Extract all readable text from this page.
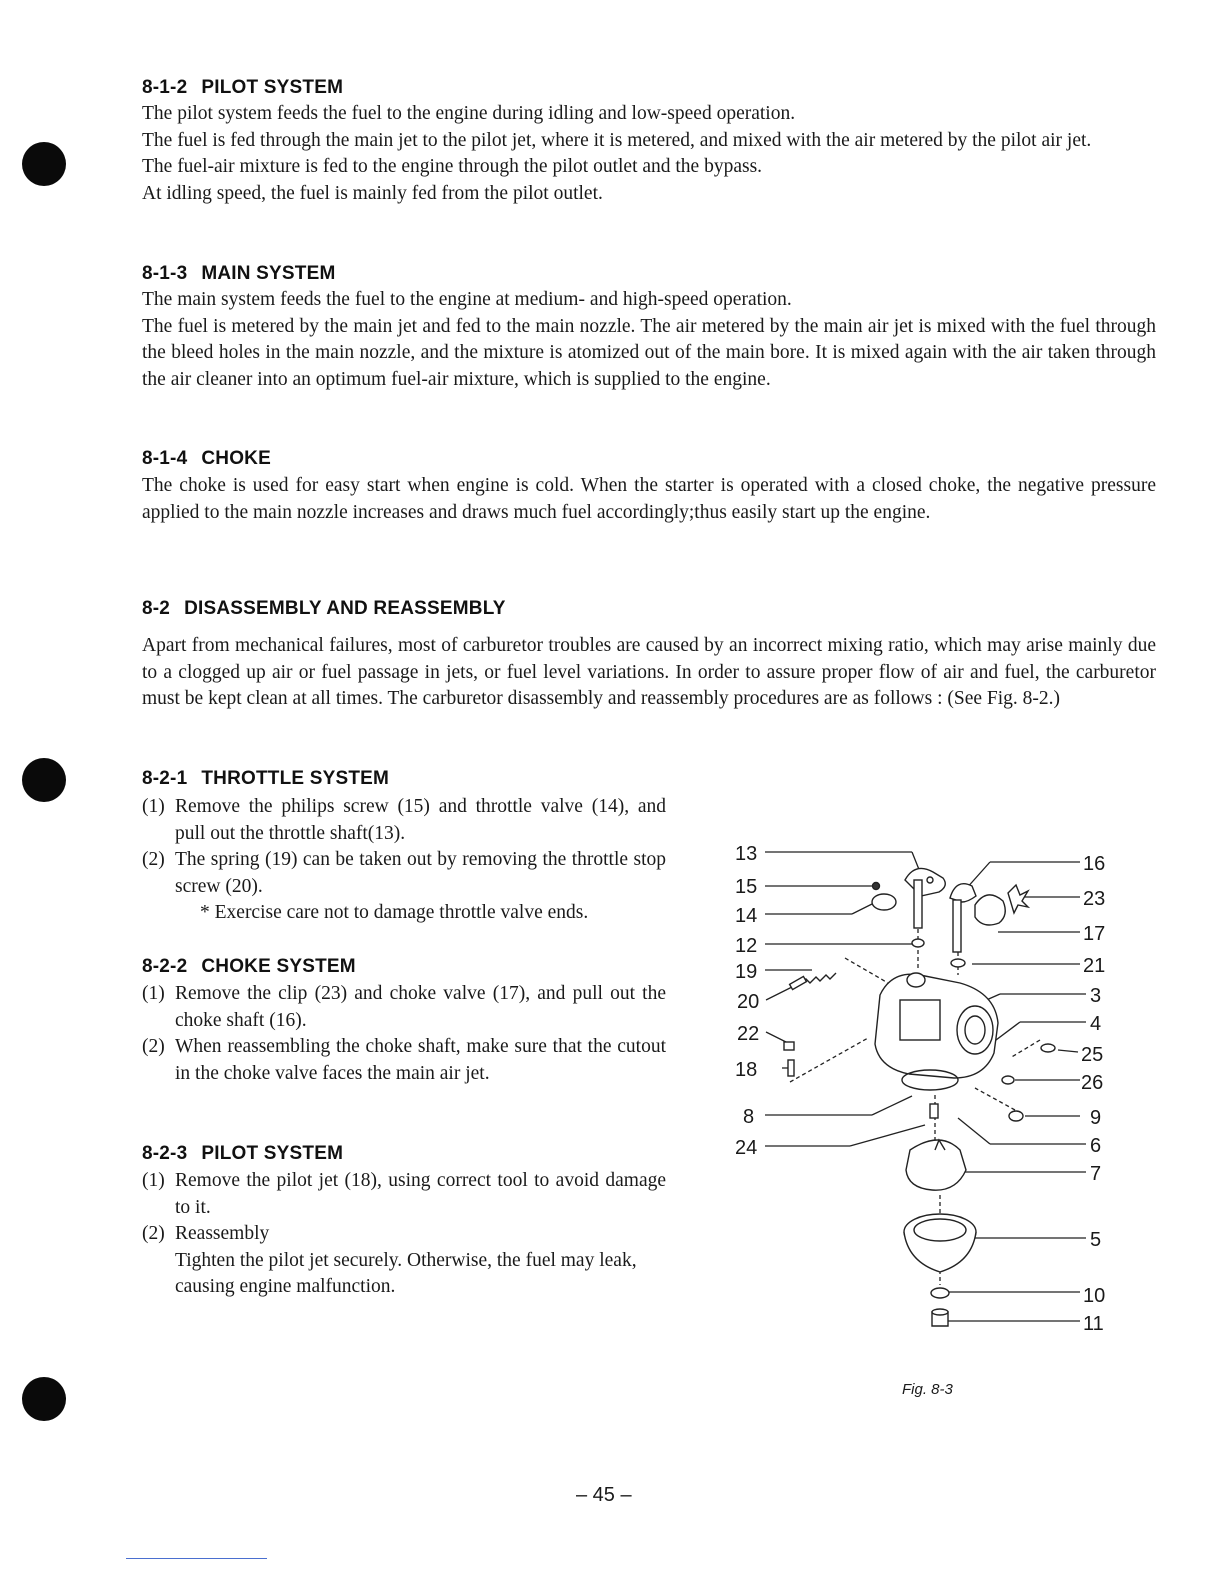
8-1-2 PILOT SYSTEM

The pilot system feeds the fuel to the engine during idling and low-speed operation.

The fuel is fed through the main jet to the pilot jet, where it is metered, and mixed with the air metered by the pilot air jet.

The fuel-air mixture is fed to the engine through the pilot outlet and the bypass.

At idling speed, the fuel is mainly fed from the pilot outlet.

8-1-3 MAIN SYSTEM

The main system feeds the fuel to the engine at medium- and high-speed operation.

The fuel is metered by the main jet and fed to the main nozzle. The air metered by the main air jet is mixed with the fuel through the bleed holes in the main nozzle, and the mixture is atomized out of the main bore. It is mixed again with the air taken through the air cleaner into an optimum fuel-air mixture, which is supplied to the engine.

8-1-4 CHOKE

The choke is used for easy start when engine is cold. When the starter is operated with a closed choke, the negative pressure applied to the main nozzle increases and draws much fuel accordingly;thus easily start up the engine.

8-2 DISASSEMBLY AND REASSEMBLY

Apart from mechanical failures, most of carburetor troubles are caused by an incorrect mixing ratio, which may arise mainly due to a clogged up air or fuel passage in jets, or fuel level variations. In order to assure proper flow of air and fuel, the carburetor must be kept clean at all times. The carburetor disassembly and reassembly procedures are as follows : (See Fig. 8-2.)

8-2-1 THROTTLE SYSTEM
(1) Remove the philips screw (15) and throttle valve (14), and pull out the throttle shaft(13).
(2) The spring (19) can be taken out by removing the throttle stop screw (20).
* Exercise care not to damage throttle valve ends.
8-2-2 CHOKE SYSTEM
(1) Remove the clip (23) and choke valve (17), and pull out the choke shaft (16).
(2) When reassembling the choke shaft, make sure that the cutout in the choke valve faces the main air jet.
8-2-3 PILOT SYSTEM
(1) Remove the pilot jet (18), using correct tool to avoid damage to it.
(2) Reassembly
Tighten the pilot jet securely. Otherwise, the fuel may leak, causing engine malfunction.
13
15
14
12
19
20
22
18
8
24
16
23
17
21
3
4
25
26
9
6
7
5
10
11
Fig. 8-3
– 45 –
